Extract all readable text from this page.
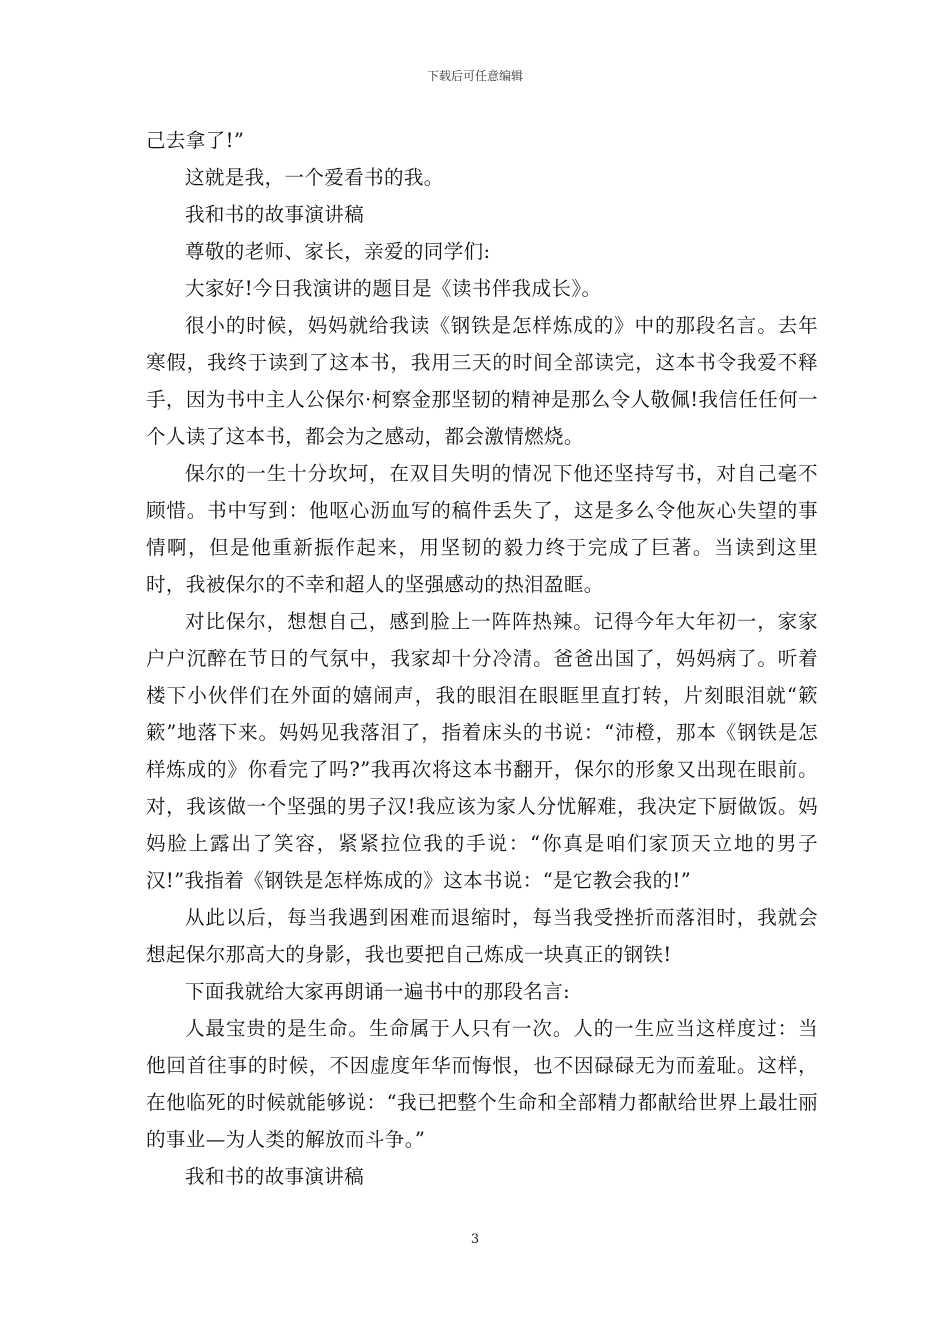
下载后可任意编辑

己去拿了!”

这就是我，一个爱看书的我。

我和书的故事演讲稿

尊敬的老师、家长，亲爱的同学们:

大家好!今日我演讲的题目是《读书伴我成长》。

很小的时候，妈妈就给我读《钢铁是怎样炼成的》中的那段名言。去年寒假，我终于读到了这本书，我用三天的时间全部读完，这本书令我爱不释手，因为书中主人公保尔·柯察金那坚韧的精神是那么令人敬佩!我信任任何一个人读了这本书，都会为之感动，都会激情燃烧。

保尔的一生十分坎坷，在双目失明的情况下他还坚持写书，对自己毫不顾惜。书中写到：他呕心沥血写的稿件丢失了，这是多么令他灰心失望的事情啊，但是他重新振作起来，用坚韧的毅力终于完成了巨著。当读到这里时，我被保尔的不幸和超人的坚强感动的热泪盈眶。

对比保尔，想想自己，感到脸上一阵阵热辣。记得今年大年初一，家家户户沉醉在节日的气氛中，我家却十分冷清。爸爸出国了，妈妈病了。听着楼下小伙伴们在外面的嬉闹声，我的眼泪在眼眶里直打转，片刻眼泪就“簌簌”地落下来。妈妈见我落泪了，指着床头的书说：“沛橙，那本《钢铁是怎样炼成的》你看完了吗?”我再次将这本书翻开，保尔的形象又出现在眼前。对，我该做一个坚强的男子汉!我应该为家人分忧解难，我决定下厨做饭。妈妈脸上露出了笑容，紧紧拉位我的手说：“你真是咱们家顶天立地的男子汉!”我指着《钢铁是怎样炼成的》这本书说：“是它教会我的!”

从此以后，每当我遇到困难而退缩时，每当我受挫折而落泪时，我就会想起保尔那高大的身影，我也要把自己炼成一块真正的钢铁!

下面我就给大家再朗诵一遍书中的那段名言:

人最宝贵的是生命。生命属于人只有一次。人的一生应当这样度过：当他回首往事的时候，不因虚度年华而悔恨，也不因碌碌无为而羞耻。这样，在他临死的时候就能够说：“我已把整个生命和全部精力都献给世界上最壮丽的事业—为人类的解放而斗争。”

我和书的故事演讲稿

3
